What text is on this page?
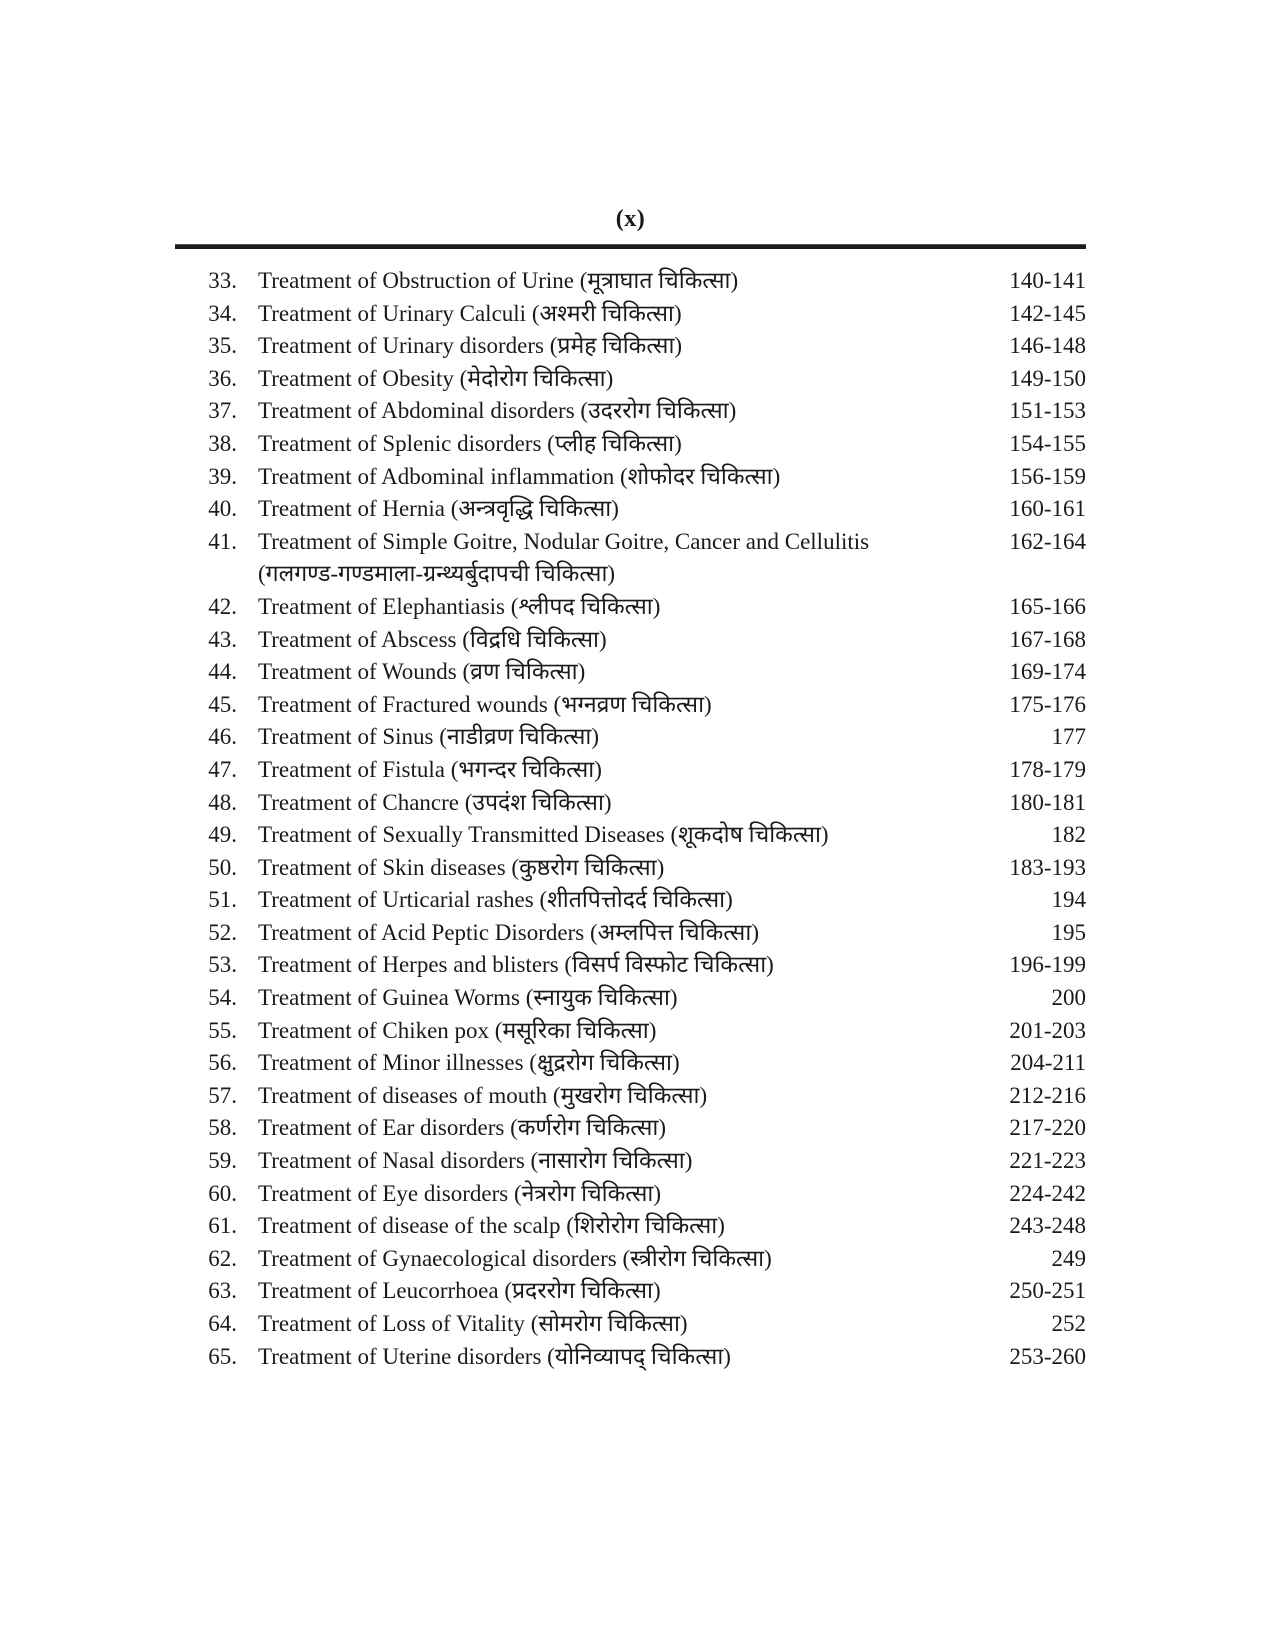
(x)
33. Treatment of Obstruction of Urine (मूत्राघात चिकित्सा)	140-141
34. Treatment of Urinary Calculi (अश्मरी चिकित्सा)	142-145
35. Treatment of Urinary disorders (प्रमेह चिकित्सा)	146-148
36. Treatment of Obesity (मेदोरोग चिकित्सा)	149-150
37. Treatment of Abdominal disorders (उदररोग चिकित्सा)	151-153
38. Treatment of Splenic disorders (प्लीह चिकित्सा)	154-155
39. Treatment of Adbominal inflammation (शोफोदर चिकित्सा)	156-159
40. Treatment of Hernia (अन्त्रवृद्धि चिकित्सा)	160-161
41. Treatment of Simple Goitre, Nodular Goitre, Cancer and Cellulitis
(गलगण्ड-गण्डमाला-ग्रन्थ्यर्बुदापची चिकित्सा)
162-164
42. Treatment of Elephantiasis (श्लीपद चिकित्सा)	165-166
43. Treatment of Abscess (विद्रधि चिकित्सा)	167-168
44. Treatment of Wounds (व्रण चिकित्सा)	169-174
45. Treatment of Fractured wounds (भग्नव्रण चिकित्सा)	175-176
46. Treatment of Sinus (नाडीव्रण चिकित्सा)	177
47. Treatment of Fistula (भगन्दर चिकित्सा)	178-179
48. Treatment of Chancre (उपदंश चिकित्सा)	180-181
49. Treatment of Sexually Transmitted Diseases (शूकदोष चिकित्सा)	182
50. Treatment of Skin diseases (कुष्ठरोग चिकित्सा)	183-193
51. Treatment of Urticarial rashes (शीतपित्तोदर्द चिकित्सा)	194
52. Treatment of Acid Peptic Disorders (अम्लपित्त चिकित्सा)	195
53. Treatment of Herpes and blisters (विसर्प विस्फोट चिकित्सा)	196-199
54. Treatment of Guinea Worms (स्नायुक चिकित्सा)	200
55. Treatment of Chiken pox (मसूरिका चिकित्सा)	201-203
56. Treatment of Minor illnesses (क्षुद्ररोग चिकित्सा)	204-211
57. Treatment of diseases of mouth (मुखरोग चिकित्सा)	212-216
58. Treatment of Ear disorders (कर्णरोग चिकित्सा)	217-220
59. Treatment of Nasal disorders (नासारोग चिकित्सा)	221-223
60. Treatment of Eye disorders (नेत्ररोग चिकित्सा)	224-242
61. Treatment of disease of the scalp (शिरोरोग चिकित्सा)	243-248
62. Treatment of Gynaecological disorders (स्त्रीरोग चिकित्सा)	249
63. Treatment of Leucorrhoea (प्रदररोग चिकित्सा)	250-251
64. Treatment of Loss of Vitality (सोमरोग चिकित्सा)	252
65. Treatment of Uterine disorders (योनिव्यापद् चिकित्सा)	253-260
